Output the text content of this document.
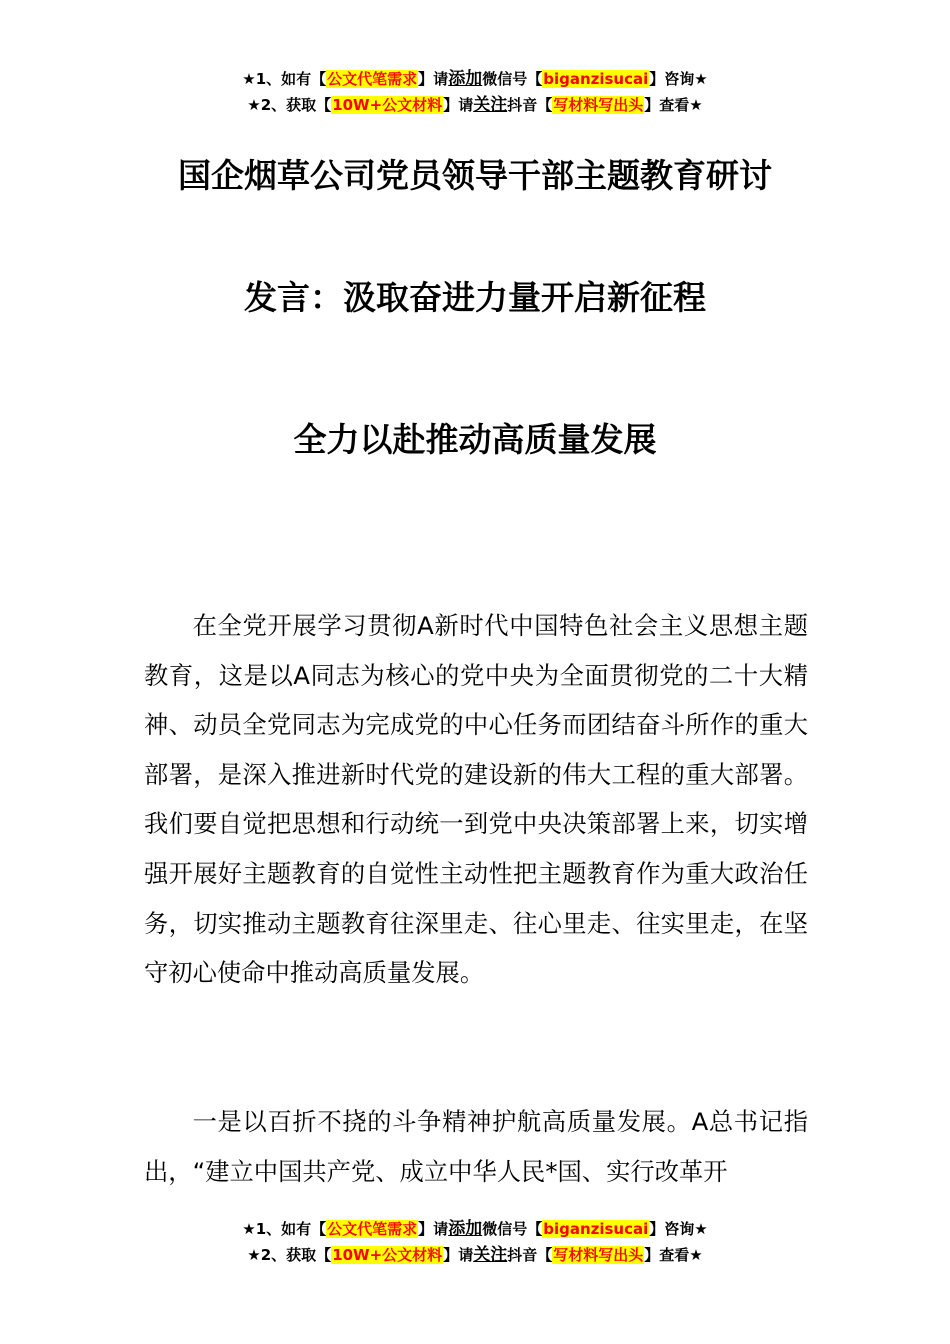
★1、如有【公文代笔需求】请添加微信号【biganzisucai】咨询★
★2、获取【10W+公文材料】请关注抖音【写材料写出头】查看★
国企烟草公司党员领导干部主题教育研讨
发言：汲取奋进力量开启新征程
全力以赴推动高质量发展

在全党开展学习贯彻A新时代中国特色社会主义思想主题教育，这是以A同志为核心的党中央为全面贯彻党的二十大精神、动员全党同志为完成党的中心任务而团结奋斗所作的重大部署，是深入推进新时代党的建设新的伟大工程的重大部署。我们要自觉把思想和行动统一到党中央决策部署上来，切实增强开展好主题教育的自觉性主动性把主题教育作为重大政治任务，切实推动主题教育往深里走、往心里走、往实里走，在坚守初心使命中推动高质量发展。

一是以百折不挠的斗争精神护航高质量发展。A总书记指出，“建立中国共产党、成立中华人民*国、实行改革开

★1、如有【公文代笔需求】请添加微信号【biganzisucai】咨询★
★2、获取【10W+公文材料】请关注抖音【写材料写出头】查看★
